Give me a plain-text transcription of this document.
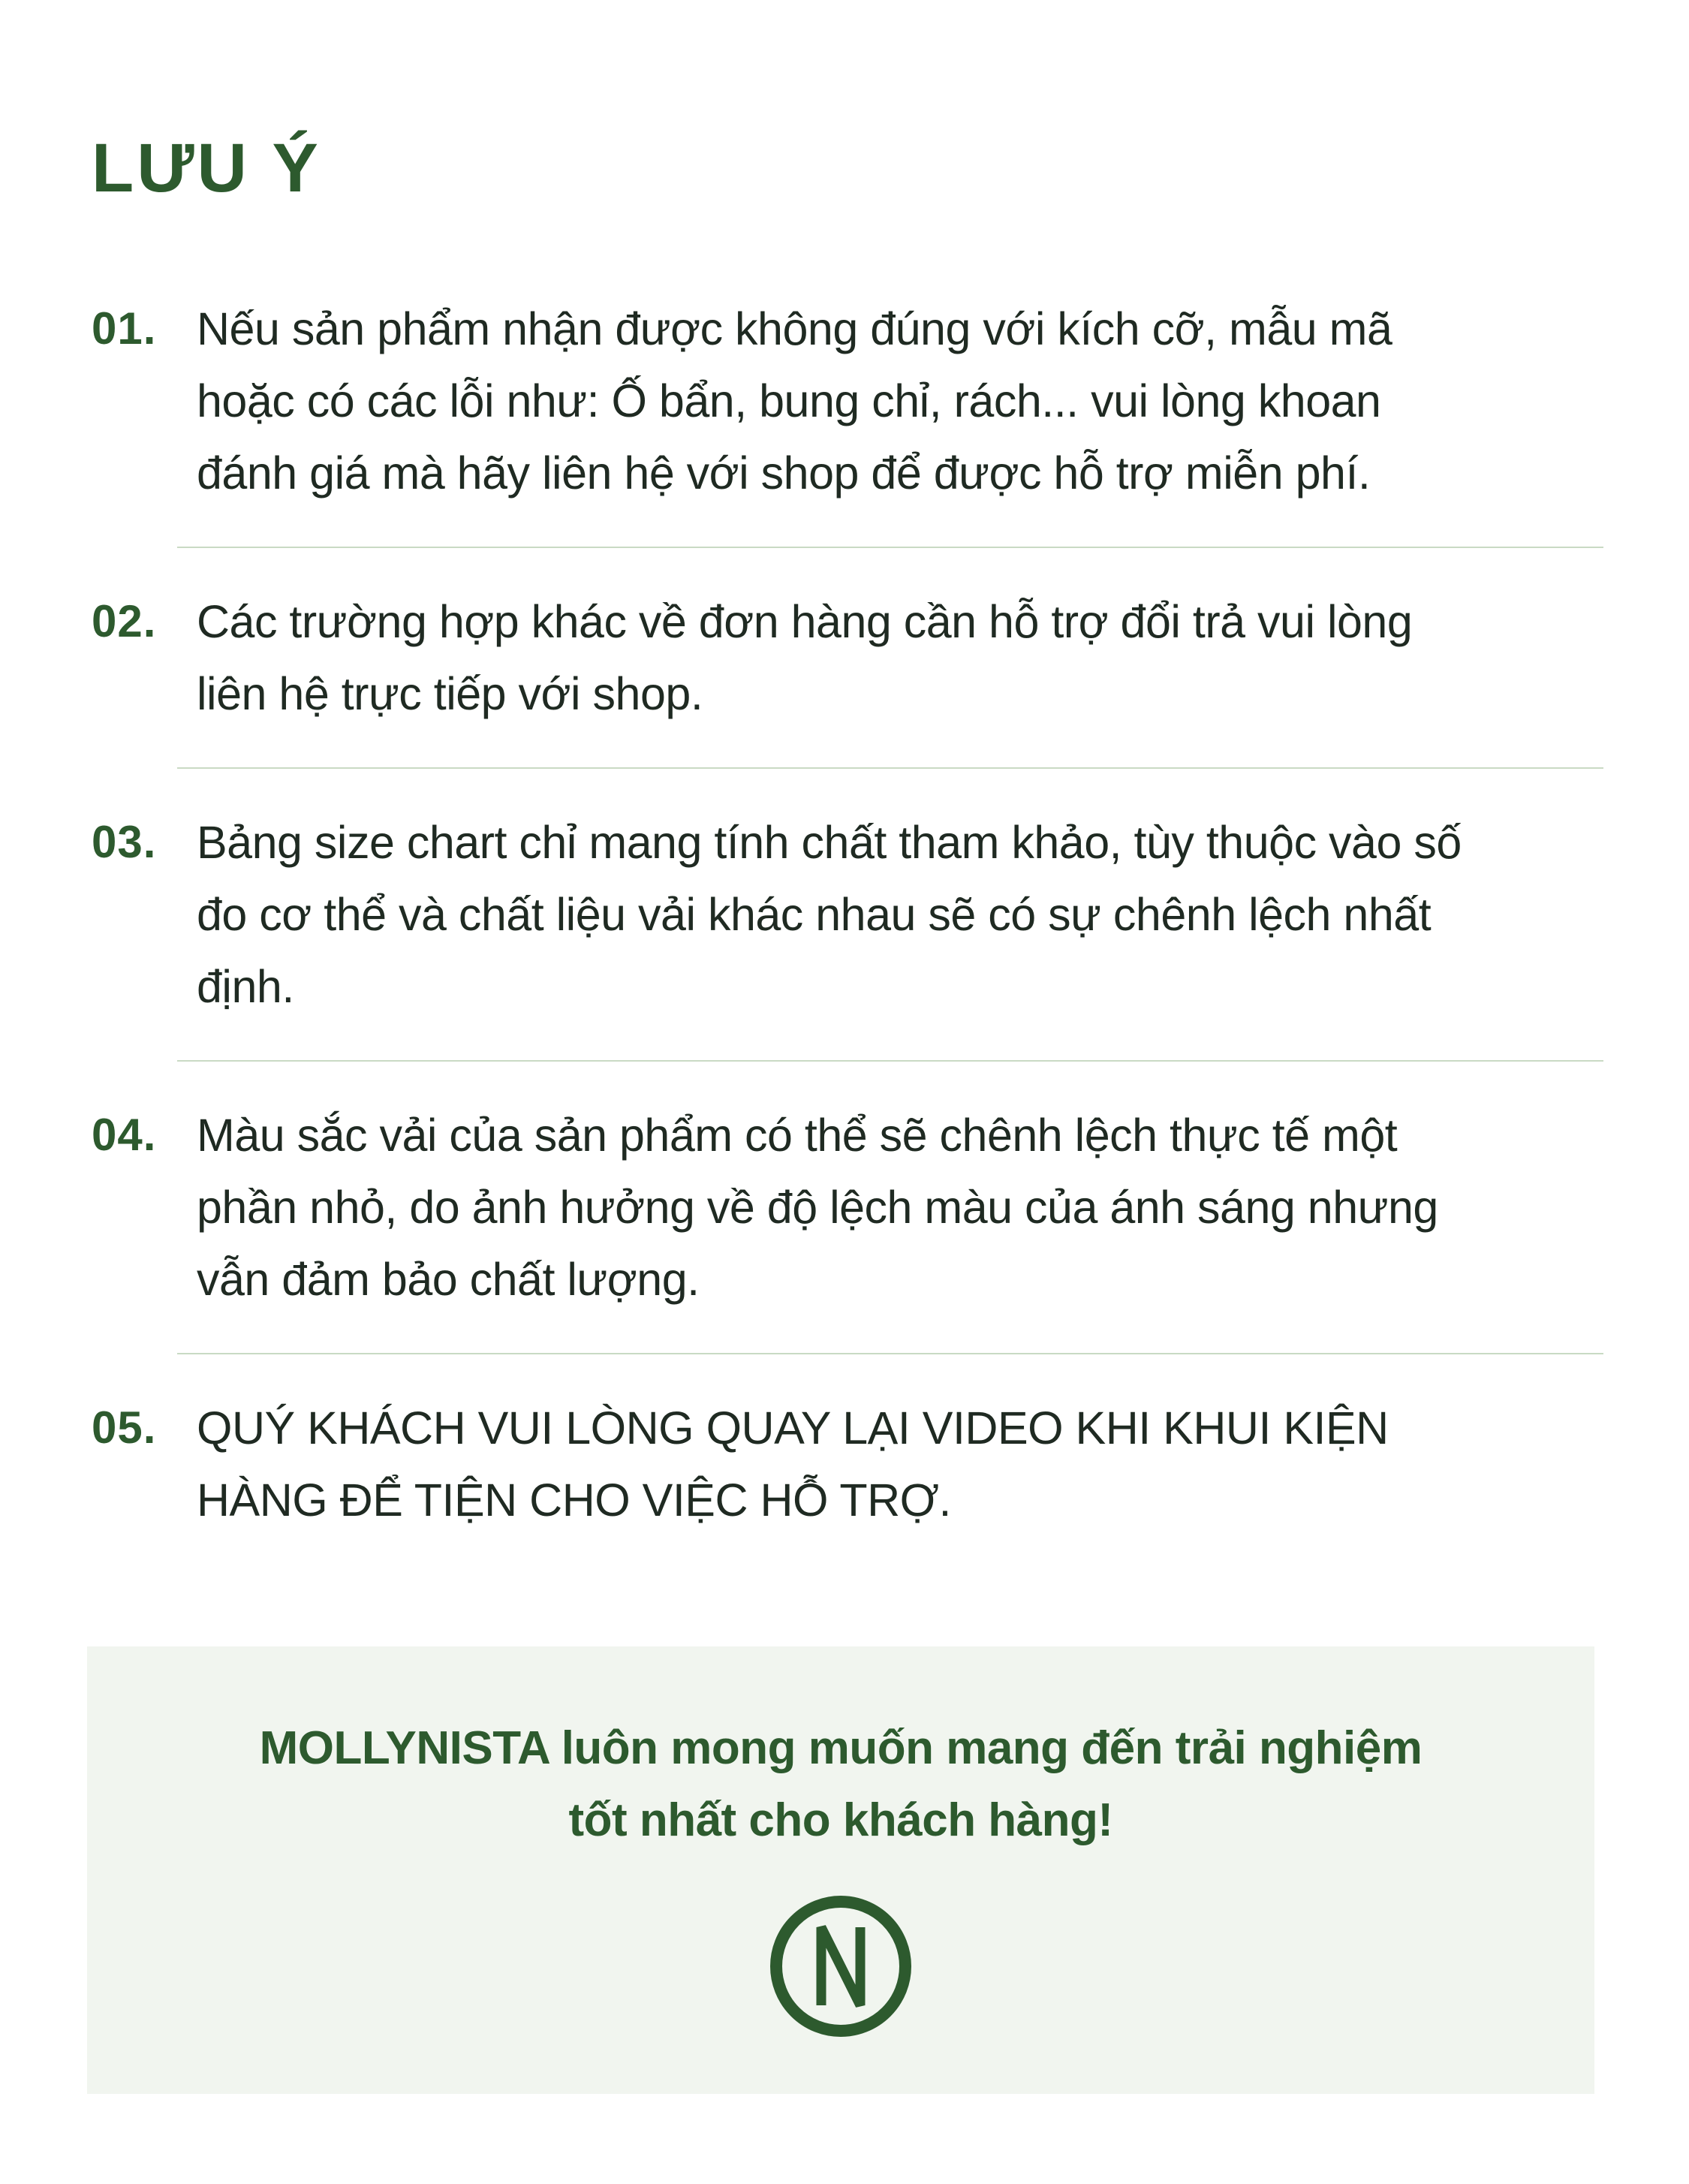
LƯU Ý
01. Nếu sản phẩm nhận được không đúng với kích cỡ, mẫu mã
hoặc có các lỗi như: Ố bẩn, bung chỉ, rách... vui lòng khoan
đánh giá mà hãy liên hệ với shop để được hỗ trợ miễn phí.
02. Các trường hợp khác về đơn hàng cần hỗ trợ đổi trả vui lòng
liên hệ trực tiếp với shop.
03. Bảng size chart chỉ mang tính chất tham khảo, tùy thuộc vào số
đo cơ thể và chất liệu vải khác nhau sẽ có sự chênh lệch nhất
định.
04. Màu sắc vải của sản phẩm có thể sẽ chênh lệch thực tế một
phần nhỏ, do ảnh hưởng về độ lệch màu của ánh sáng nhưng
vẫn đảm bảo chất lượng.
05. QUÝ KHÁCH VUI LÒNG QUAY LẠI VIDEO KHI KHUI KIỆN
HÀNG ĐỂ TIỆN CHO VIỆC HỖ TRỢ.
MOLLYNISTA luôn mong muốn mang đến trải nghiệm
tốt nhất cho khách hàng!
